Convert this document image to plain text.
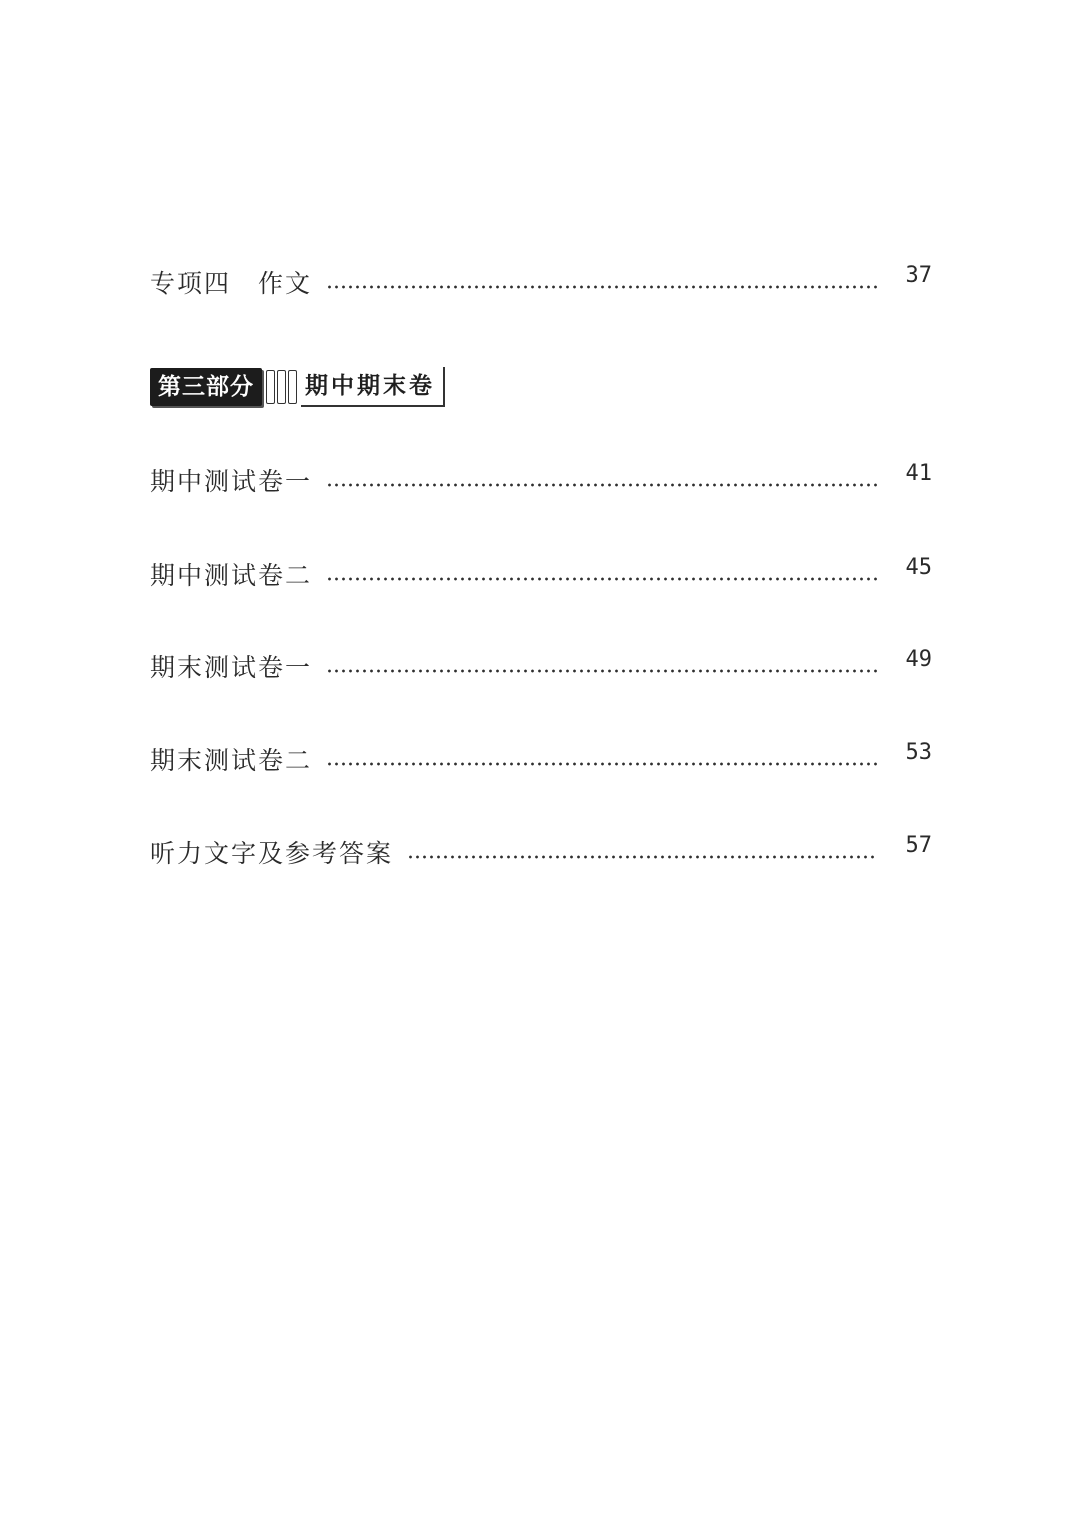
专项四　作文	37
第三部分	期中期末卷
期中测试卷一	41
期中测试卷二	45
期末测试卷一	49
期末测试卷二	53
听力文字及参考答案	57
